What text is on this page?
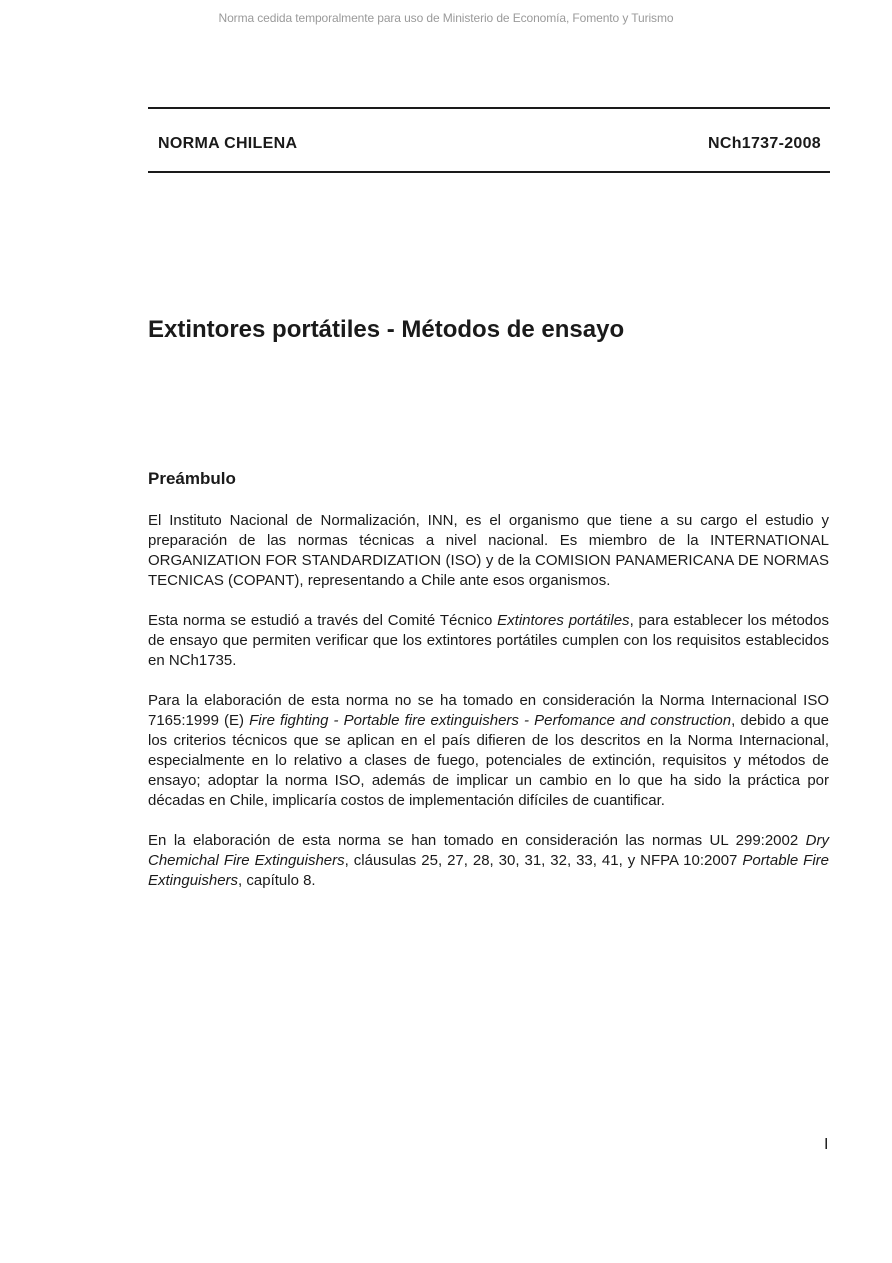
Norma cedida temporalmente para uso de Ministerio de Economía, Fomento y Turismo
NORMA CHILENA	NCh1737-2008
Extintores portátiles - Métodos de ensayo
Preámbulo

El Instituto Nacional de Normalización, INN, es el organismo que tiene a su cargo el estudio y preparación de las normas técnicas a nivel nacional. Es miembro de la INTERNATIONAL ORGANIZATION FOR STANDARDIZATION (ISO) y de la COMISION PANAMERICANA DE NORMAS TECNICAS (COPANT), representando a Chile ante esos organismos.

Esta norma se estudió a través del Comité Técnico Extintores portátiles, para establecer los métodos de ensayo que permiten verificar que los extintores portátiles cumplen con los requisitos establecidos en NCh1735.

Para la elaboración de esta norma no se ha tomado en consideración la Norma Internacional ISO 7165:1999 (E) Fire fighting - Portable fire extinguishers - Perfomance and construction, debido a que los criterios técnicos que se aplican en el país difieren de los descritos en la Norma Internacional, especialmente en lo relativo a clases de fuego, potenciales de extinción, requisitos y métodos de ensayo; adoptar la norma ISO, además de implicar un cambio en lo que ha sido la práctica por décadas en Chile, implicaría costos de implementación difíciles de cuantificar.

En la elaboración de esta norma se han tomado en consideración las normas UL 299:2002 Dry Chemichal Fire Extinguishers, cláusulas 25, 27, 28, 30, 31, 32, 33, 41, y NFPA 10:2007 Portable Fire Extinguishers, capítulo 8.

I
